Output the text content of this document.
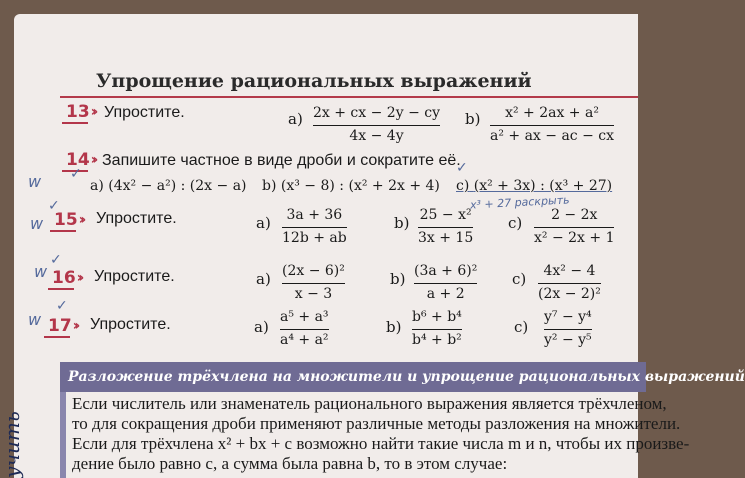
Упрощение рациональных выражений
13 ›› Упростите.	a) 2x + cx − 2y − cy
4x − 4y
b) x² + 2ax + a²
a² + ax − ac − cx
14 ›› Запишите частное в виде дроби и сократите её.
a) (4x² − a²) : (2x − a) b) (x³ − 8) : (x² + 2x + 4) c) (x² + 3x) : (x³ + 27)
x³ + 27 раскрыть
15 ›› Упростите.	a) 3a + 36
12b + ab
b) 25 − x²
3x + 15
c) 2 − 2x
x² − 2x + 1
16 ›› Упростите.	a) (2x − 6)²
x − 3
b) (3a + 6)²
a + 2
c) 4x² − 4
(2x − 2)²
17 ›› Упростите.	a)
a⁵ + a³
a⁴ + a²
b)
b⁶ + b⁴
b⁴ + b²
c)
y⁷ − y⁴
y² − y⁵
w ✓	✓
w
✓
w
✓
w
✓
Разложение трёхчлена на множители и упрощение рациональных выражений
Если числитель или знаменатель рационального выражения является трёхчленом,
то для сокращения дроби применяют различные методы разложения на множители.
Если для трёхчлена x² + bx + c возможно найти такие числа m и n, чтобы их произве-
дение было равно c, а сумма была равна b, то в этом случае:
учить
